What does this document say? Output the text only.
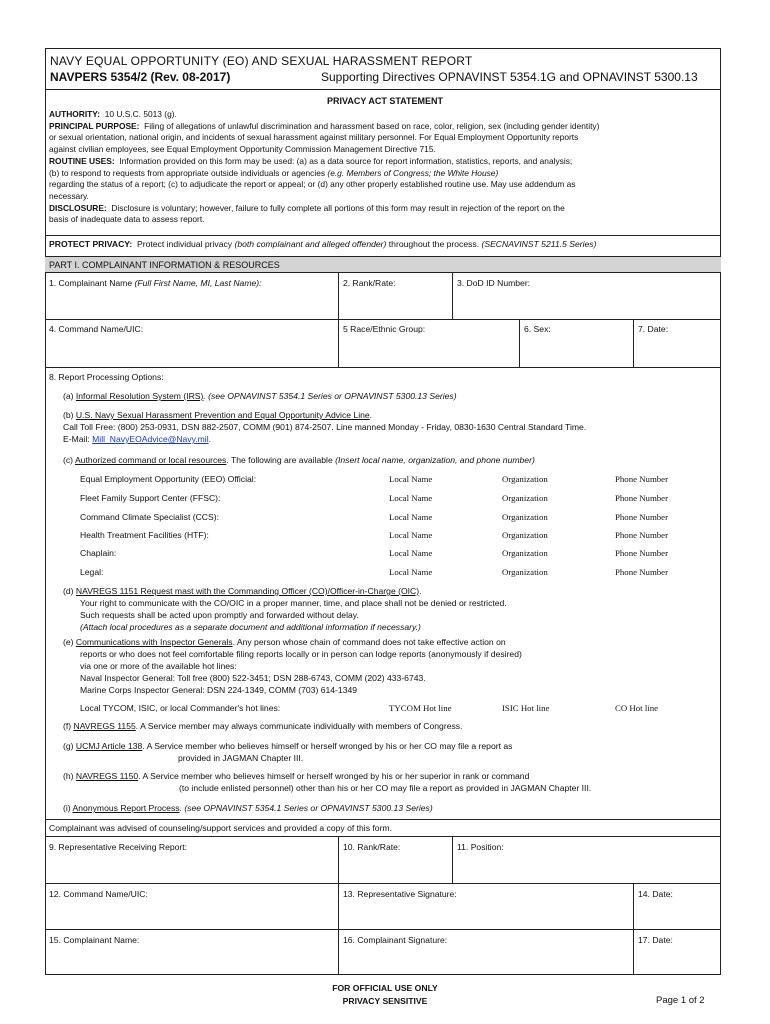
NAVY EQUAL OPPORTUNITY (EO) AND SEXUAL HARASSMENT REPORT
NAVPERS 5354/2 (Rev. 08-2017)	Supporting Directives OPNAVINST 5354.1G and OPNAVINST 5300.13
PRIVACY ACT STATEMENT
AUTHORITY: 10 U.S.C. 5013 (g).
PRINCIPAL PURPOSE: Filing of allegations of unlawful discrimination and harassment based on race, color, religion, sex (including gender identity)
or sexual orientation, national origin, and incidents of sexual harassment against military personnel. For Equal Employment Opportunity reports
against civilian employees, see Equal Employment Opportunity Commission Management Directive 715.
ROUTINE USES: Information provided on this form may be used: (a) as a data source for report information, statistics, reports, and analysis;
(b) to respond to requests from appropriate outside individuals or agencies (e.g. Members of Congress; the White House)
regarding the status of a report; (c) to adjudicate the report or appeal; or (d) any other properly established routine use. May use addendum as
necessary.
DISCLOSURE: Disclosure is voluntary; however, failure to fully complete all portions of this form may result in rejection of the report on the
basis of inadequate data to assess report.
PROTECT PRIVACY: Protect individual privacy (both complainant and alleged offender) throughout the process. (SECNAVINST 5211.5 Series)
PART I. COMPLAINANT INFORMATION & RESOURCES
1. Complainant Name (Full First Name, MI, Last Name):	2. Rank/Rate:	3. DoD ID Number:
4. Command Name/UIC:	5 Race/Ethnic Group:	6. Sex:	7. Date:
8. Report Processing Options:
(a) Informal Resolution System (IRS). (see OPNAVINST 5354.1 Series or OPNAVINST 5300.13 Series)
(b) U.S. Navy Sexual Harassment Prevention and Equal Opportunity Advice Line.
Call Toll Free: (800) 253-0931, DSN 882-2507, COMM (901) 874-2507. Line manned Monday - Friday, 0830-1630 Central Standard Time.
E-Mail: Mill_NavyEOAdvice@Navy.mil.
(c) Authorized command or local resources. The following are available (Insert local name, organization, and phone number)
Equal Employment Opportunity (EEO) Official:	Local Name	Organization	Phone Number
Fleet Family Support Center (FFSC):	Local Name	Organization	Phone Number
Command Climate Specialist (CCS):	Local Name	Organization	Phone Number
Health Treatment Facilities (HTF):	Local Name	Organization	Phone Number
Chaplain:	Local Name	Organization	Phone Number
Legal:	Local Name	Organization	Phone Number
(d) NAVREGS 1151 Request mast with the Commanding Officer (CO)/Officer-in-Charge (OIC).
Your right to communicate with the CO/OIC in a proper manner, time, and place shall not be denied or restricted.
Such requests shall be acted upon promptly and forwarded without delay.
(Attach local procedures as a separate document and additional information if necessary.)
(e) Communications with Inspector Generals. Any person whose chain of command does not take effective action on
reports or who does not feel comfortable filing reports locally or in person can lodge reports (anonymously if desired)
via one or more of the available hot lines:
Naval Inspector General: Toll free (800) 522-3451; DSN 288-6743, COMM (202) 433-6743.
Marine Corps Inspector General: DSN 224-1349, COMM (703) 614-1349
Local TYCOM, ISIC, or local Commander's hot lines:	TYCOM Hot line	ISIC Hot line	CO Hot line
(f) NAVREGS 1155. A Service member may always communicate individually with members of Congress.
(g) UCMJ Article 138. A Service member who believes himself or herself wronged by his or her CO may file a report as
provided in JAGMAN Chapter III.
(h) NAVREGS 1150. A Service member who believes himself or herself wronged by his or her superior in rank or command
(to include enlisted personnel) other than his or her CO may file a report as provided in JAGMAN Chapter III.
(i) Anonymous Report Process. (see OPNAVINST 5354.1 Series or OPNAVINST 5300.13 Series)
Complainant was advised of counseling/support services and provided a copy of this form.
9. Representative Receiving Report:	10. Rank/Rate:	11. Position:
12. Command Name/UIC:	13. Representative Signature:	14. Date:
15. Complainant Name:	16. Complainant Signature:	17. Date:
FOR OFFICIAL USE ONLY
PRIVACY SENSITIVE	Page 1 of 2
